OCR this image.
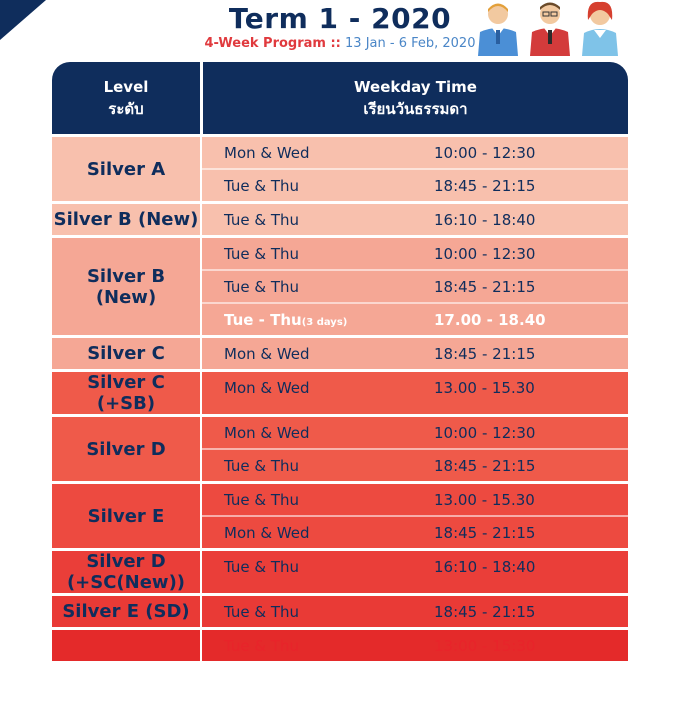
Term 1 - 2020
4-Week Program :: 13 Jan - 6 Feb, 2020
Level
ระดับ
Weekday Time
เรียนวันธรรมดา
Silver A
Mon & Wed	10:00 - 12:30
Tue & Thu	18:45 - 21:15
Silver B (New)	Tue & Thu	16:10 - 18:40
Silver B
(New)
Tue & Thu	10:00 - 12:30
Tue & Thu	18:45 - 21:15
Tue - Thu(3 days)	17.00 - 18.40
Silver C	Mon & Wed	18:45 - 21:15
Silver C
(+SB)
Mon & Wed	13.00 - 15.30
Silver D
Mon & Wed	10:00 - 12:30
Tue & Thu	18:45 - 21:15
Silver E
Tue & Thu	13.00 - 15.30
Mon & Wed	18:45 - 21:15
Silver D
(+SC(New))
Tue & Thu	16:10 - 18:40
Silver E (SD)	Tue & Thu	18:45 - 21:15
Tue & Thu	13:00 - 15:30
